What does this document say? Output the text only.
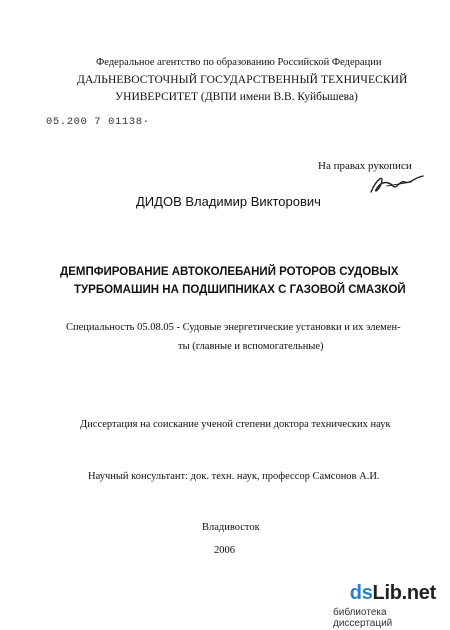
Федеральное агентство по образованию Российской Федерации
ДАЛЬНЕВОСТОЧНЫЙ ГОСУДАРСТВЕННЫЙ ТЕХНИЧЕСКИЙ
УНИВЕРСИТЕТ (ДВПИ имени В.В. Куйбышева)
05.200 7 01138·
На правах рукописи
ДИДОВ Владимир Викторович
ДЕМПФИРОВАНИЕ АВТОКОЛЕБАНИЙ РОТОРОВ СУДОВЫХ
ТУРБОМАШИН НА ПОДШИПНИКАХ С ГАЗОВОЙ СМАЗКОЙ
Специальность 05.08.05 - Судовые энергетические установки и их элемен-
ты (главные и вспомогательные)
Диссертация на соискание ученой степени доктора технических наук
Научный консультант: док. техн. наук, профессор Самсонов А.И.
Владивосток
2006
dsLib.net
библиотека диссертаций
